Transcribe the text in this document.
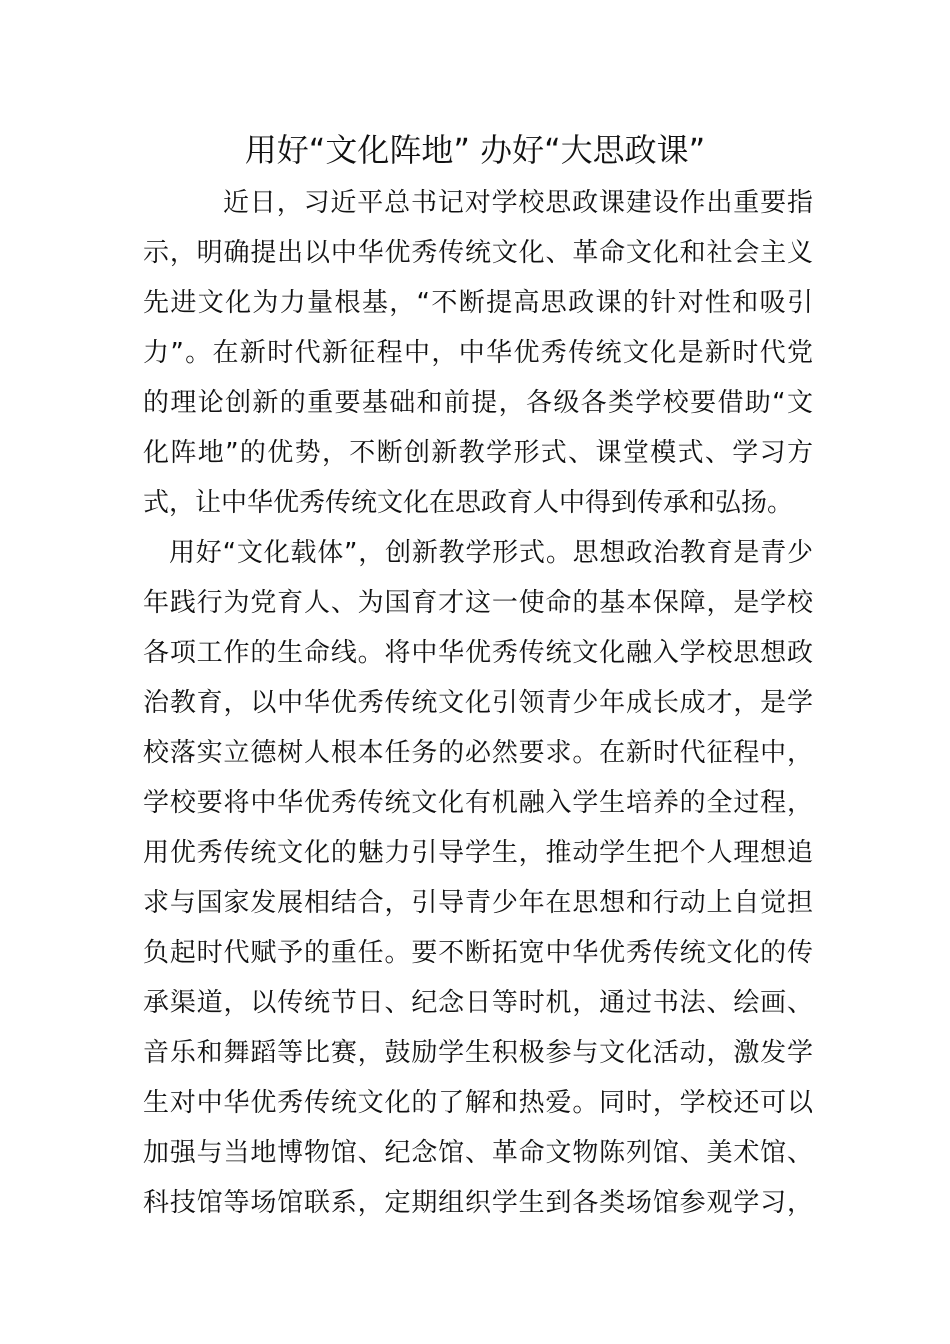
用好“文化阵地” 办好“大思政课”
近日，习近平总书记对学校思政课建设作出重要指
示，明确提出以中华优秀传统文化、革命文化和社会主义
先进文化为力量根基，“不断提高思政课的针对性和吸引
力”。在新时代新征程中，中华优秀传统文化是新时代党
的理论创新的重要基础和前提，各级各类学校要借助“文
化阵地”的优势，不断创新教学形式、课堂模式、学习方
式，让中华优秀传统文化在思政育人中得到传承和弘扬。
用好“文化载体”，创新教学形式。思想政治教育是青少
年践行为党育人、为国育才这一使命的基本保障，是学校
各项工作的生命线。将中华优秀传统文化融入学校思想政
治教育，以中华优秀传统文化引领青少年成长成才，是学
校落实立德树人根本任务的必然要求。在新时代征程中，
学校要将中华优秀传统文化有机融入学生培养的全过程，
用优秀传统文化的魅力引导学生，推动学生把个人理想追
求与国家发展相结合，引导青少年在思想和行动上自觉担
负起时代赋予的重任。要不断拓宽中华优秀传统文化的传
承渠道，以传统节日、纪念日等时机，通过书法、绘画、
音乐和舞蹈等比赛，鼓励学生积极参与文化活动，激发学
生对中华优秀传统文化的了解和热爱。同时，学校还可以
加强与当地博物馆、纪念馆、革命文物陈列馆、美术馆、
科技馆等场馆联系，定期组织学生到各类场馆参观学习，
